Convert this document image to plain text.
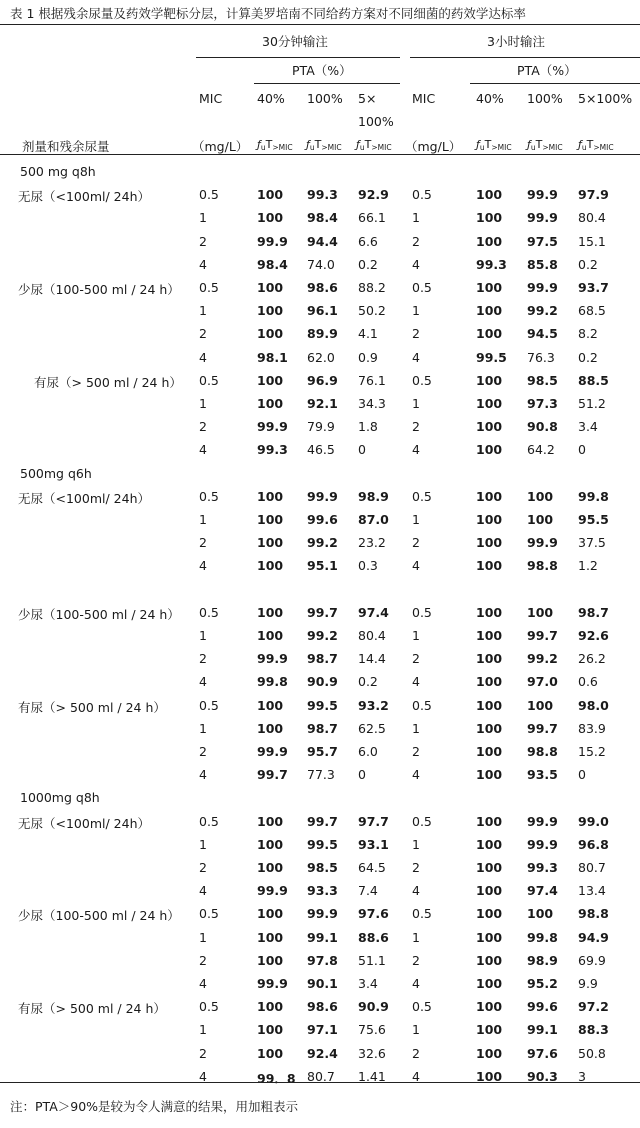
表 1 根据残余尿量及药效学靶标分层，计算美罗培南不同给药方案对不同细菌的药效学达标率
30分钟输注	3小时输注
PTA（%）	PTA（%）
MIC	40% 100% 5×
100%
MIC	40% 100% 5×100%
剂量和残余尿量	（mg/L）	（mg/L）
$ƒ_uT_{>MIC}$ $ƒ_uT_{>MIC}$ $ƒ_uT_{>MIC}$	$ƒ_uT_{>MIC}$ $ƒ_uT_{>MIC}$ $ƒ_uT_{>MIC}$
500 mg q8h
无尿（<100ml/ 24h）	0.5	100 99.3 92.9 0.5	100 99.9 97.9
1	100 98.4 66.1 1	100 99.9 80.4
2	99.9 94.4 6.6	2	100 97.5 15.1
4	98.4 74.0 0.2	4	99.3 85.8 0.2
少尿（100-500 ml / 24 h） 0.5	100 98.6 88.2 0.5	100 99.9 93.7
1	100 96.1 50.2 1	100 99.2 68.5
2	100 89.9 4.1	2	100 94.5 8.2
4	98.1 62.0 0.9	4	99.5 76.3 0.2
有尿（> 500 ml / 24 h） 0.5	100 96.9 76.1 0.5	100 98.5 88.5
1	100 92.1 34.3 1	100 97.3 51.2
2	99.9 79.9 1.8	2	100 90.8 3.4
4	99.3 46.5 0	4	100 64.2 0
500mg q6h
无尿（<100ml/ 24h）	0.5	100 99.9 98.9 0.5	100 100 99.8
1	100 99.6 87.0 1	100 100 95.5
2	100 99.2 23.2 2	100 99.9 37.5
4	100 95.1 0.3	4	100 98.8 1.2
少尿（100-500 ml / 24 h） 0.5	100 99.7 97.4 0.5	100 100 98.7
1	100 99.2 80.4 1	100 99.7 92.6
2	99.9 98.7 14.4 2	100 99.2 26.2
4	99.8 90.9 0.2	4	100 97.0 0.6
有尿（> 500 ml / 24 h）	0.5	100 99.5 93.2 0.5	100 100 98.0
1	100 98.7 62.5 1	100 99.7 83.9
2	99.9 95.7 6.0	2	100 98.8 15.2
4	99.7 77.3 0	4	100 93.5 0
1000mg q8h
无尿（<100ml/ 24h）	0.5	100 99.7 97.7 0.5	100 99.9 99.0
1	100 99.5 93.1 1	100 99.9 96.8
2	100 98.5 64.5 2	100 99.3 80.7
4	99.9 93.3 7.4	4	100 97.4 13.4
少尿（100-500 ml / 24 h） 0.5	100 99.9 97.6 0.5	100 100 98.8
1	100 99.1 88.6 1	100 99.8 94.9
2	100 97.8 51.1 2	100 98.9 69.9
4	99.9 90.1 3.4	4	100 95.2 9.9
有尿（> 500 ml / 24 h）	0.5	100 98.6 90.9 0.5	100 99.6 97.2
1	100 97.1 75.6 1	100 99.1 88.3
2	100 92.4 32.6 2	100 97.6 50.8
4	99．8 80.7 1.41 4	100 90.3 3
注：PTA＞90%是较为令人满意的结果，用加粗表示
